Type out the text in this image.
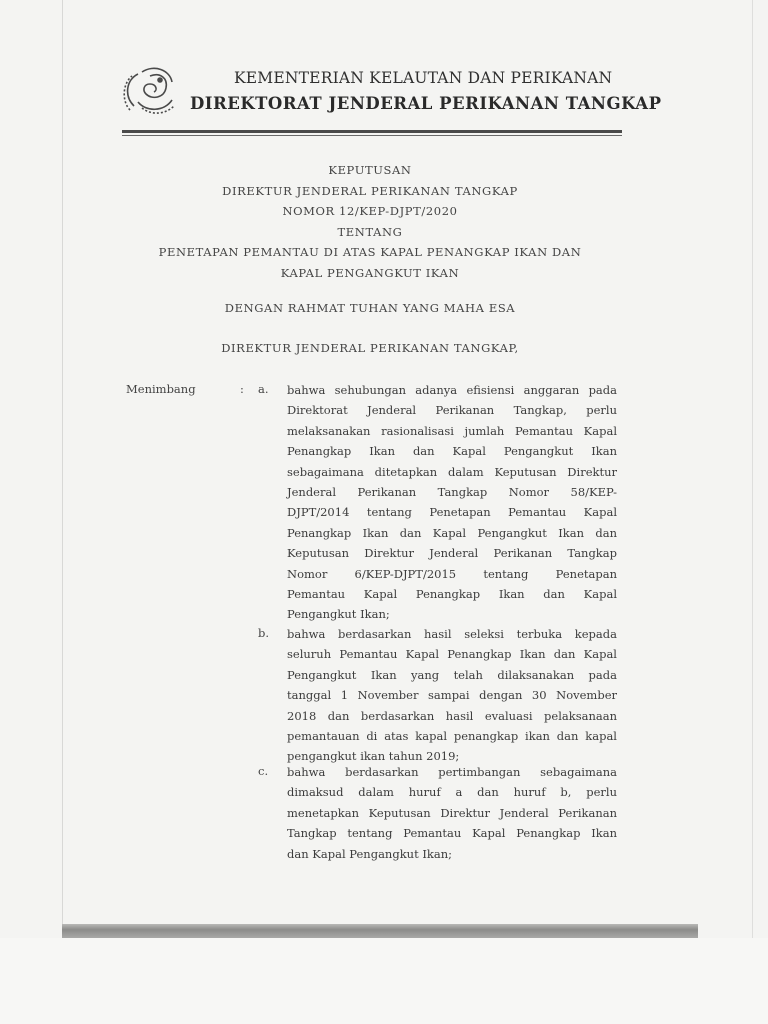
KEMENTERIAN KELAUTAN DAN PERIKANAN
DIREKTORAT JENDERAL PERIKANAN TANGKAP
KEPUTUSAN
DIREKTUR JENDERAL PERIKANAN TANGKAP
NOMOR 12/KEP-DJPT/2020
TENTANG
PENETAPAN PEMANTAU DI ATAS KAPAL PENANGKAP IKAN DAN
KAPAL PENGANGKUT IKAN
DENGAN RAHMAT TUHAN YANG MAHA ESA
DIREKTUR JENDERAL PERIKANAN TANGKAP,
Menimbang	: a. bahwa sehubungan adanya efisiensi anggaran pada
Direktorat Jenderal Perikanan Tangkap, perlu
melaksanakan rasionalisasi jumlah Pemantau Kapal
Penangkap Ikan dan Kapal Pengangkut Ikan
sebagaimana ditetapkan dalam Keputusan Direktur
Jenderal Perikanan Tangkap Nomor 58/KEP-
DJPT/2014 tentang Penetapan Pemantau Kapal
Penangkap Ikan dan Kapal Pengangkut Ikan dan
Keputusan Direktur Jenderal Perikanan Tangkap
Nomor 6/KEP-DJPT/2015 tentang Penetapan
Pemantau Kapal Penangkap Ikan dan Kapal
Pengangkut Ikan;
b. bahwa berdasarkan hasil seleksi terbuka kepada
seluruh Pemantau Kapal Penangkap Ikan dan Kapal
Pengangkut Ikan yang telah dilaksanakan pada
tanggal 1 November sampai dengan 30 November
2018 dan berdasarkan hasil evaluasi pelaksanaan
pemantauan di atas kapal penangkap ikan dan kapal
pengangkut ikan tahun 2019;
c. bahwa berdasarkan pertimbangan sebagaimana
dimaksud dalam huruf a dan huruf b, perlu
menetapkan Keputusan Direktur Jenderal Perikanan
Tangkap tentang Pemantau Kapal Penangkap Ikan
dan Kapal Pengangkut Ikan;
